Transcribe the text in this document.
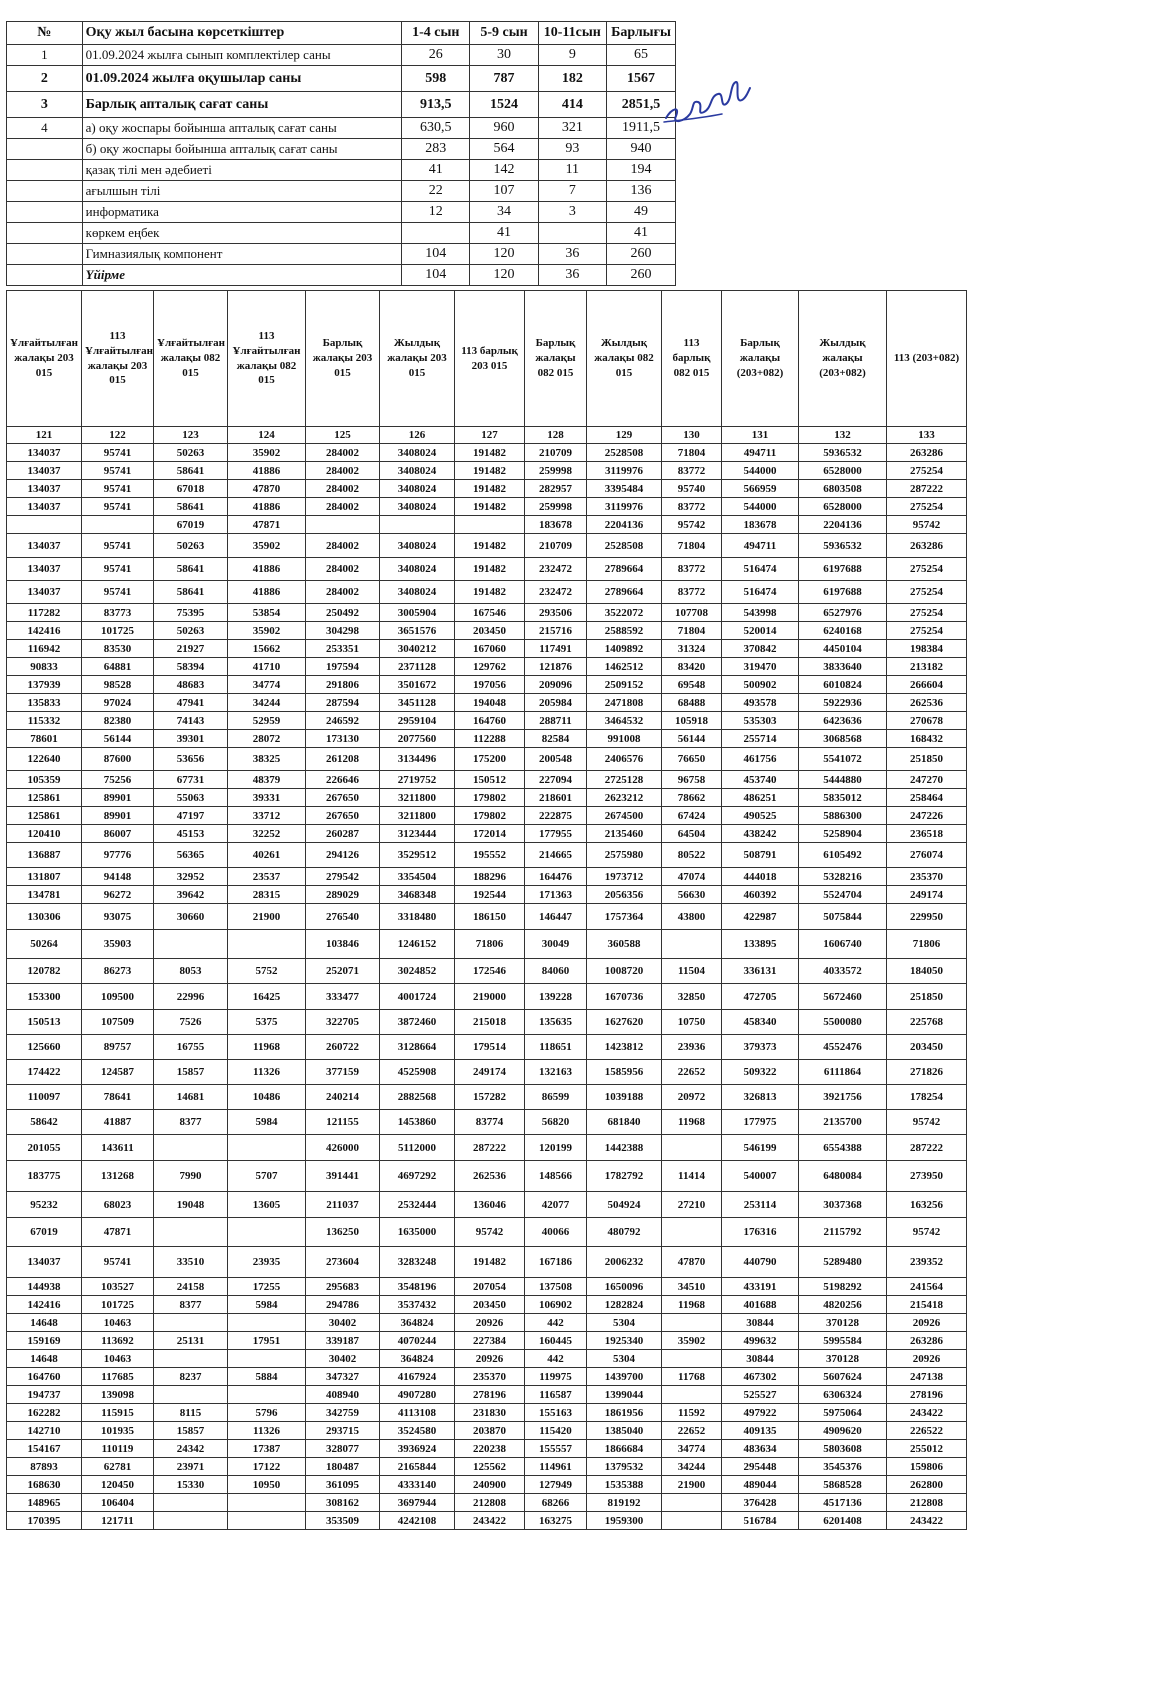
№	Оқу жыл басына көрсеткіштер	1-4 сын	5-9 сын	10-11сын	Барлығы
1	01.09.2024 жылға сынып комплектілер саны	26	30	9	65
2	01.09.2024 жылға оқушылар саны	598	787	182	1567
3	Барлық апталық сағат саны	913,5	1524	414	2851,5
4	а) оқу жоспары бойынша апталық сағат саны	630,5	960	321	1911,5
	б) оқу жоспары бойынша апталық сағат саны	283	564	93	940
	қазақ тілі мен әдебиеті	41	142	11	194
	ағылшын тілі	22	107	7	136
	информатика	12	34	3	49
	көркем еңбек		41		41
	Гимназиялық компонент	104	120	36	260
	Үйірме	104	120	36	260
Ұлғайтылған жалақы 203 015	113 Ұлғайтылған жалақы 203 015	Ұлғайтылған жалақы 082 015	113 Ұлғайтылған жалақы 082 015	Барлық жалақы 203 015	Жылдық жалақы 203 015	113 барлық 203 015	Барлық жалақы 082 015	Жылдық жалақы 082 015	113 барлық 082 015	Барлық жалақы (203+082)	Жылдық жалақы (203+082)	113 (203+082)
121	122	123	124	125	126	127	128	129	130	131	132	133
134037	95741	50263	35902	284002	3408024	191482	210709	2528508	71804	494711	5936532	263286
134037	95741	58641	41886	284002	3408024	191482	259998	3119976	83772	544000	6528000	275254
134037	95741	67018	47870	284002	3408024	191482	282957	3395484	95740	566959	6803508	287222
134037	95741	58641	41886	284002	3408024	191482	259998	3119976	83772	544000	6528000	275254
		67019	47871				183678	2204136	95742	183678	2204136	95742
134037	95741	50263	35902	284002	3408024	191482	210709	2528508	71804	494711	5936532	263286
134037	95741	58641	41886	284002	3408024	191482	232472	2789664	83772	516474	6197688	275254
134037	95741	58641	41886	284002	3408024	191482	232472	2789664	83772	516474	6197688	275254
117282	83773	75395	53854	250492	3005904	167546	293506	3522072	107708	543998	6527976	275254
142416	101725	50263	35902	304298	3651576	203450	215716	2588592	71804	520014	6240168	275254
116942	83530	21927	15662	253351	3040212	167060	117491	1409892	31324	370842	4450104	198384
90833	64881	58394	41710	197594	2371128	129762	121876	1462512	83420	319470	3833640	213182
137939	98528	48683	34774	291806	3501672	197056	209096	2509152	69548	500902	6010824	266604
135833	97024	47941	34244	287594	3451128	194048	205984	2471808	68488	493578	5922936	262536
115332	82380	74143	52959	246592	2959104	164760	288711	3464532	105918	535303	6423636	270678
78601	56144	39301	28072	173130	2077560	112288	82584	991008	56144	255714	3068568	168432
122640	87600	53656	38325	261208	3134496	175200	200548	2406576	76650	461756	5541072	251850
105359	75256	67731	48379	226646	2719752	150512	227094	2725128	96758	453740	5444880	247270
125861	89901	55063	39331	267650	3211800	179802	218601	2623212	78662	486251	5835012	258464
125861	89901	47197	33712	267650	3211800	179802	222875	2674500	67424	490525	5886300	247226
120410	86007	45153	32252	260287	3123444	172014	177955	2135460	64504	438242	5258904	236518
136887	97776	56365	40261	294126	3529512	195552	214665	2575980	80522	508791	6105492	276074
131807	94148	32952	23537	279542	3354504	188296	164476	1973712	47074	444018	5328216	235370
134781	96272	39642	28315	289029	3468348	192544	171363	2056356	56630	460392	5524704	249174
130306	93075	30660	21900	276540	3318480	186150	146447	1757364	43800	422987	5075844	229950
50264	35903			103846	1246152	71806	30049	360588		133895	1606740	71806
120782	86273	8053	5752	252071	3024852	172546	84060	1008720	11504	336131	4033572	184050
153300	109500	22996	16425	333477	4001724	219000	139228	1670736	32850	472705	5672460	251850
150513	107509	7526	5375	322705	3872460	215018	135635	1627620	10750	458340	5500080	225768
125660	89757	16755	11968	260722	3128664	179514	118651	1423812	23936	379373	4552476	203450
174422	124587	15857	11326	377159	4525908	249174	132163	1585956	22652	509322	6111864	271826
110097	78641	14681	10486	240214	2882568	157282	86599	1039188	20972	326813	3921756	178254
58642	41887	8377	5984	121155	1453860	83774	56820	681840	11968	177975	2135700	95742
201055	143611			426000	5112000	287222	120199	1442388		546199	6554388	287222
183775	131268	7990	5707	391441	4697292	262536	148566	1782792	11414	540007	6480084	273950
95232	68023	19048	13605	211037	2532444	136046	42077	504924	27210	253114	3037368	163256
67019	47871			136250	1635000	95742	40066	480792		176316	2115792	95742
134037	95741	33510	23935	273604	3283248	191482	167186	2006232	47870	440790	5289480	239352
144938	103527	24158	17255	295683	3548196	207054	137508	1650096	34510	433191	5198292	241564
142416	101725	8377	5984	294786	3537432	203450	106902	1282824	11968	401688	4820256	215418
14648	10463			30402	364824	20926	442	5304		30844	370128	20926
159169	113692	25131	17951	339187	4070244	227384	160445	1925340	35902	499632	5995584	263286
14648	10463			30402	364824	20926	442	5304		30844	370128	20926
164760	117685	8237	5884	347327	4167924	235370	119975	1439700	11768	467302	5607624	247138
194737	139098			408940	4907280	278196	116587	1399044		525527	6306324	278196
162282	115915	8115	5796	342759	4113108	231830	155163	1861956	11592	497922	5975064	243422
142710	101935	15857	11326	293715	3524580	203870	115420	1385040	22652	409135	4909620	226522
154167	110119	24342	17387	328077	3936924	220238	155557	1866684	34774	483634	5803608	255012
87893	62781	23971	17122	180487	2165844	125562	114961	1379532	34244	295448	3545376	159806
168630	120450	15330	10950	361095	4333140	240900	127949	1535388	21900	489044	5868528	262800
148965	106404			308162	3697944	212808	68266	819192		376428	4517136	212808
170395	121711			353509	4242108	243422	163275	1959300		516784	6201408	243422
